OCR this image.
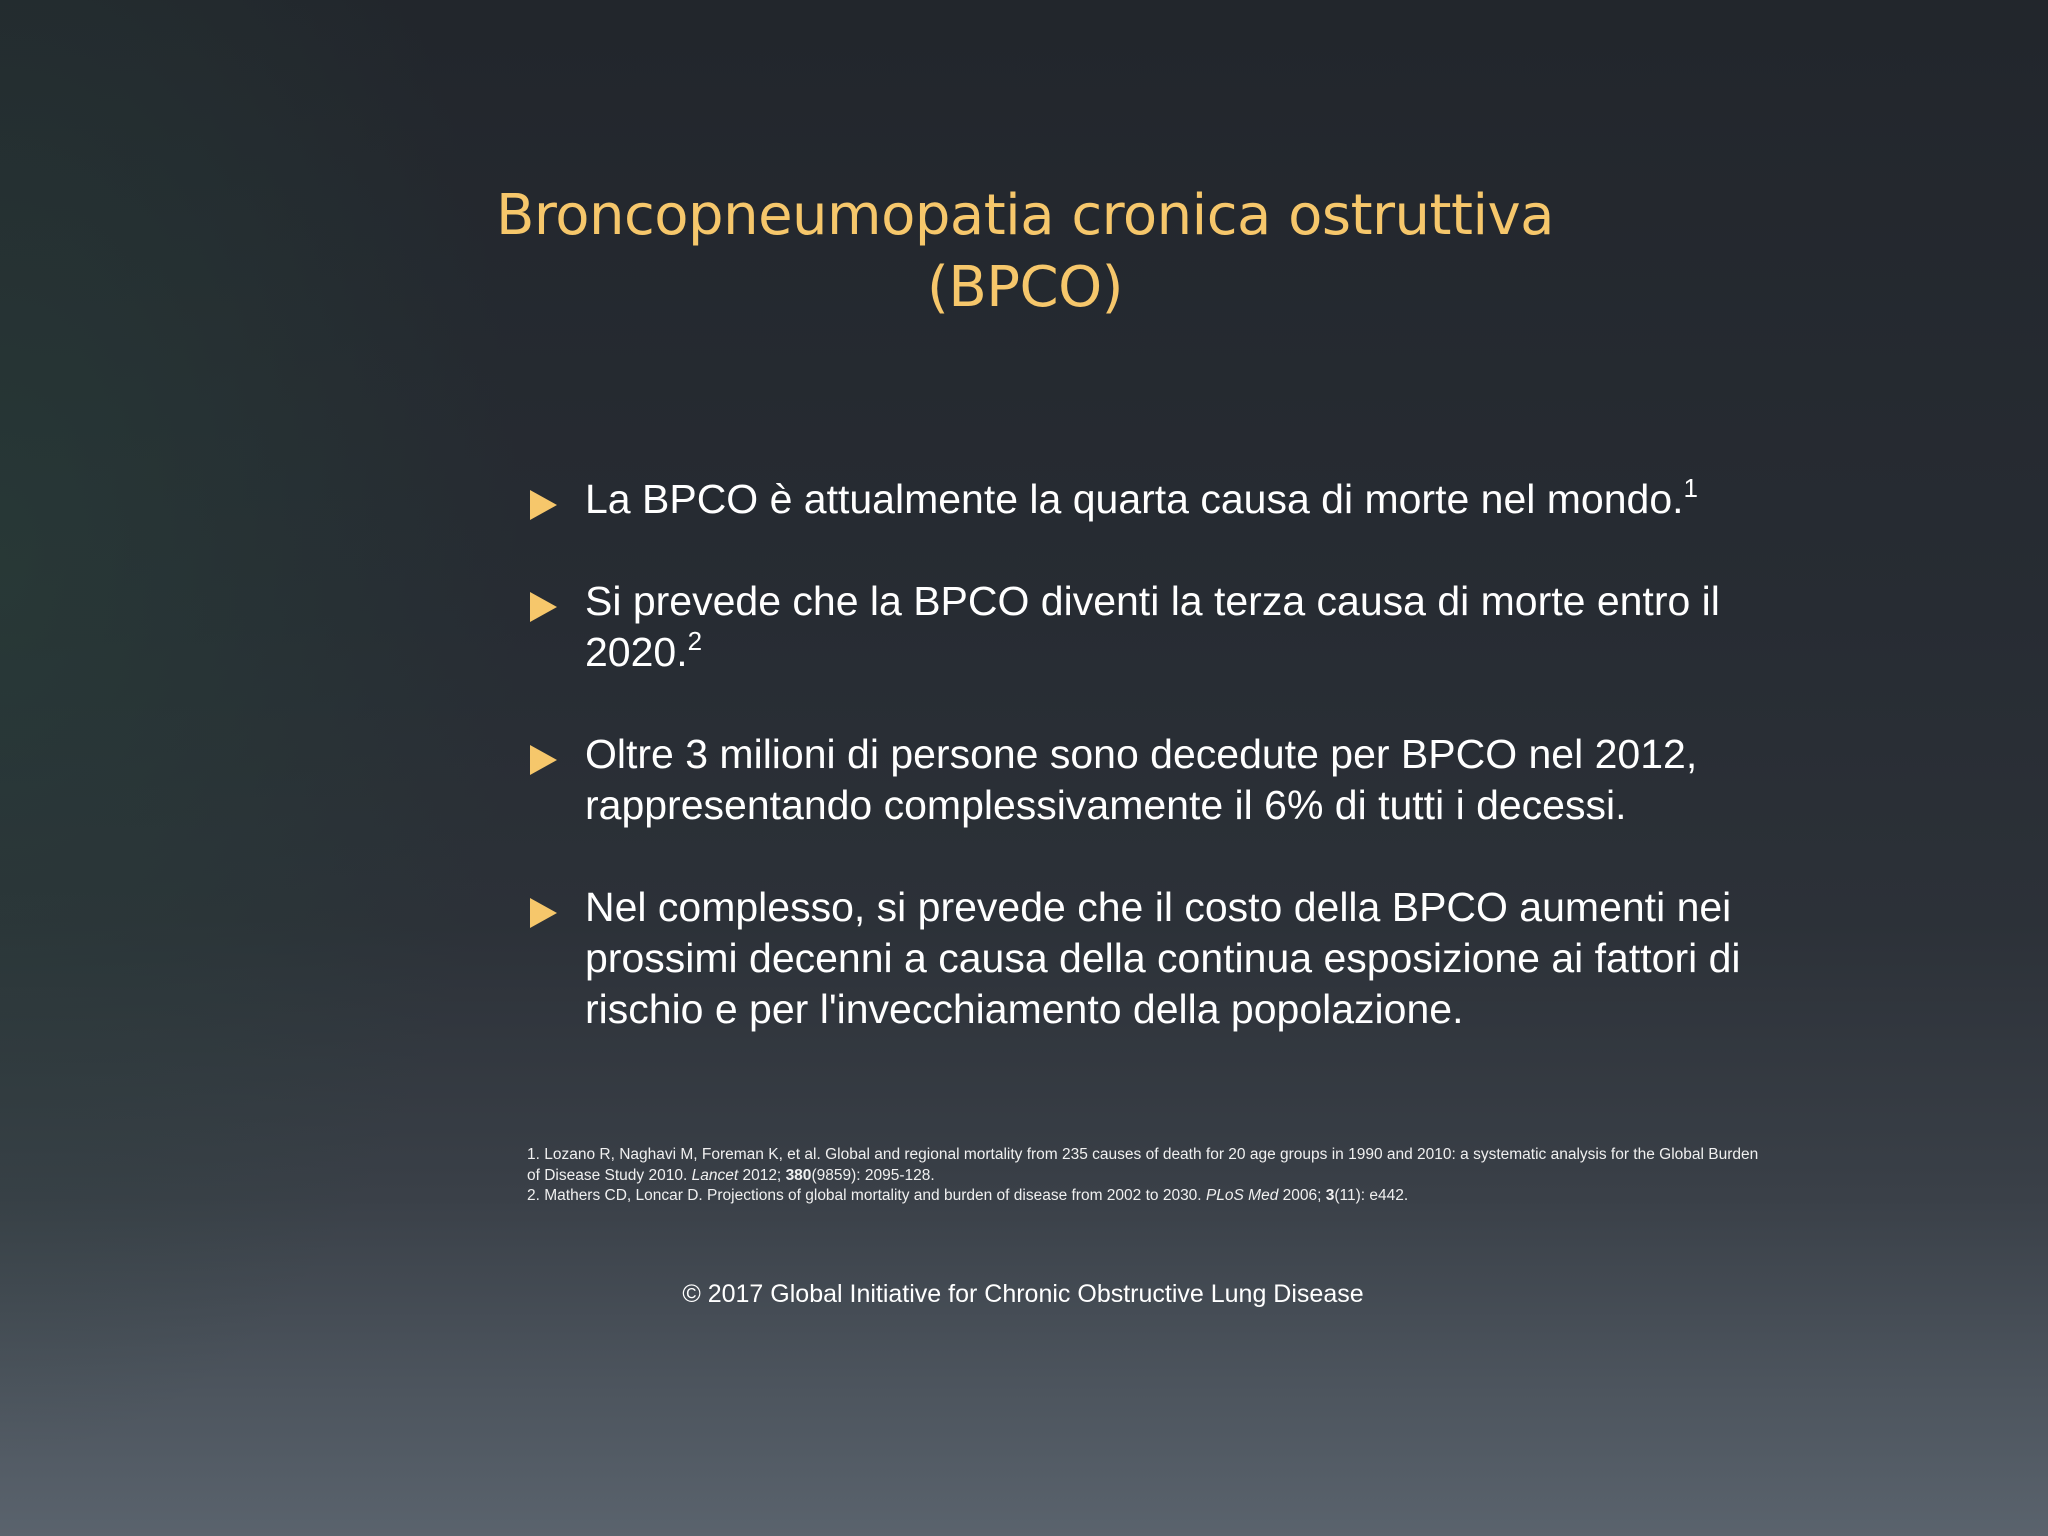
Broncopneumopatia cronica ostruttiva
(BPCO)
La BPCO è attualmente la quarta causa di morte nel mondo.$^1$
Si prevede che la BPCO diventi la terza causa di morte entro il 2020.$^2$
Oltre 3 milioni di persone sono decedute per BPCO nel 2012, rappresentando complessivamente il 6% di tutti i decessi.
Nel complesso, si prevede che il costo della BPCO aumenti nei prossimi decenni a causa della continua esposizione ai fattori di rischio e per l'invecchiamento della popolazione.

1. Lozano R, Naghavi M, Foreman K, et al. Global and regional mortality from 235 causes of death for 20 age groups in 1990 and 2010: a systematic analysis for the Global Burden of Disease Study 2010. Lancet 2012; 380(9859): 2095-128.

2. Mathers CD, Loncar D. Projections of global mortality and burden of disease from 2002 to 2030. PLoS Med 2006; 3(11): e442.

© 2017 Global Initiative for Chronic Obstructive Lung Disease
